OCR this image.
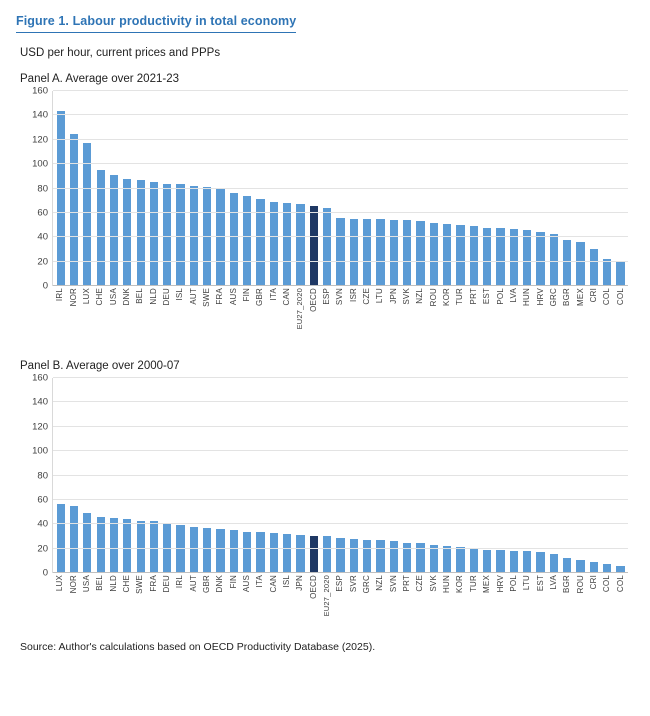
Figure 1. Labour productivity in total economy
USD per hour, current prices and PPPs
Panel A. Average over 2021-23
0
20
40
60
80
100
120
140
160
IRL NOR LUX CHE USA DNK BEL NLD DEU ISL AUT SWE FRA AUS FIN GBR ITA CAN EU27_2020 OECD ESP SVN ISR CZE LTU JPN SVK NZL ROU KOR TUR PRT EST POL LVA HUN HRV GRC BGR MEX CRI COL COL
Panel B. Average over 2000-07
0
20
40
60
80
100
120
140
160
LUX NOR USA BEL NLD CHE SWE FRA DEU IRL AUT GBR DNK FIN AUS ITA CAN ISL JPN OECD EU27_2020 ESP SVR GRC NZL SVN PRT CZE SVK HUN KOR TUR MEX HRV POL LTU EST LVA BGR ROU CRI COL COL
Source: Author's calculations based on OECD Productivity Database (2025).
